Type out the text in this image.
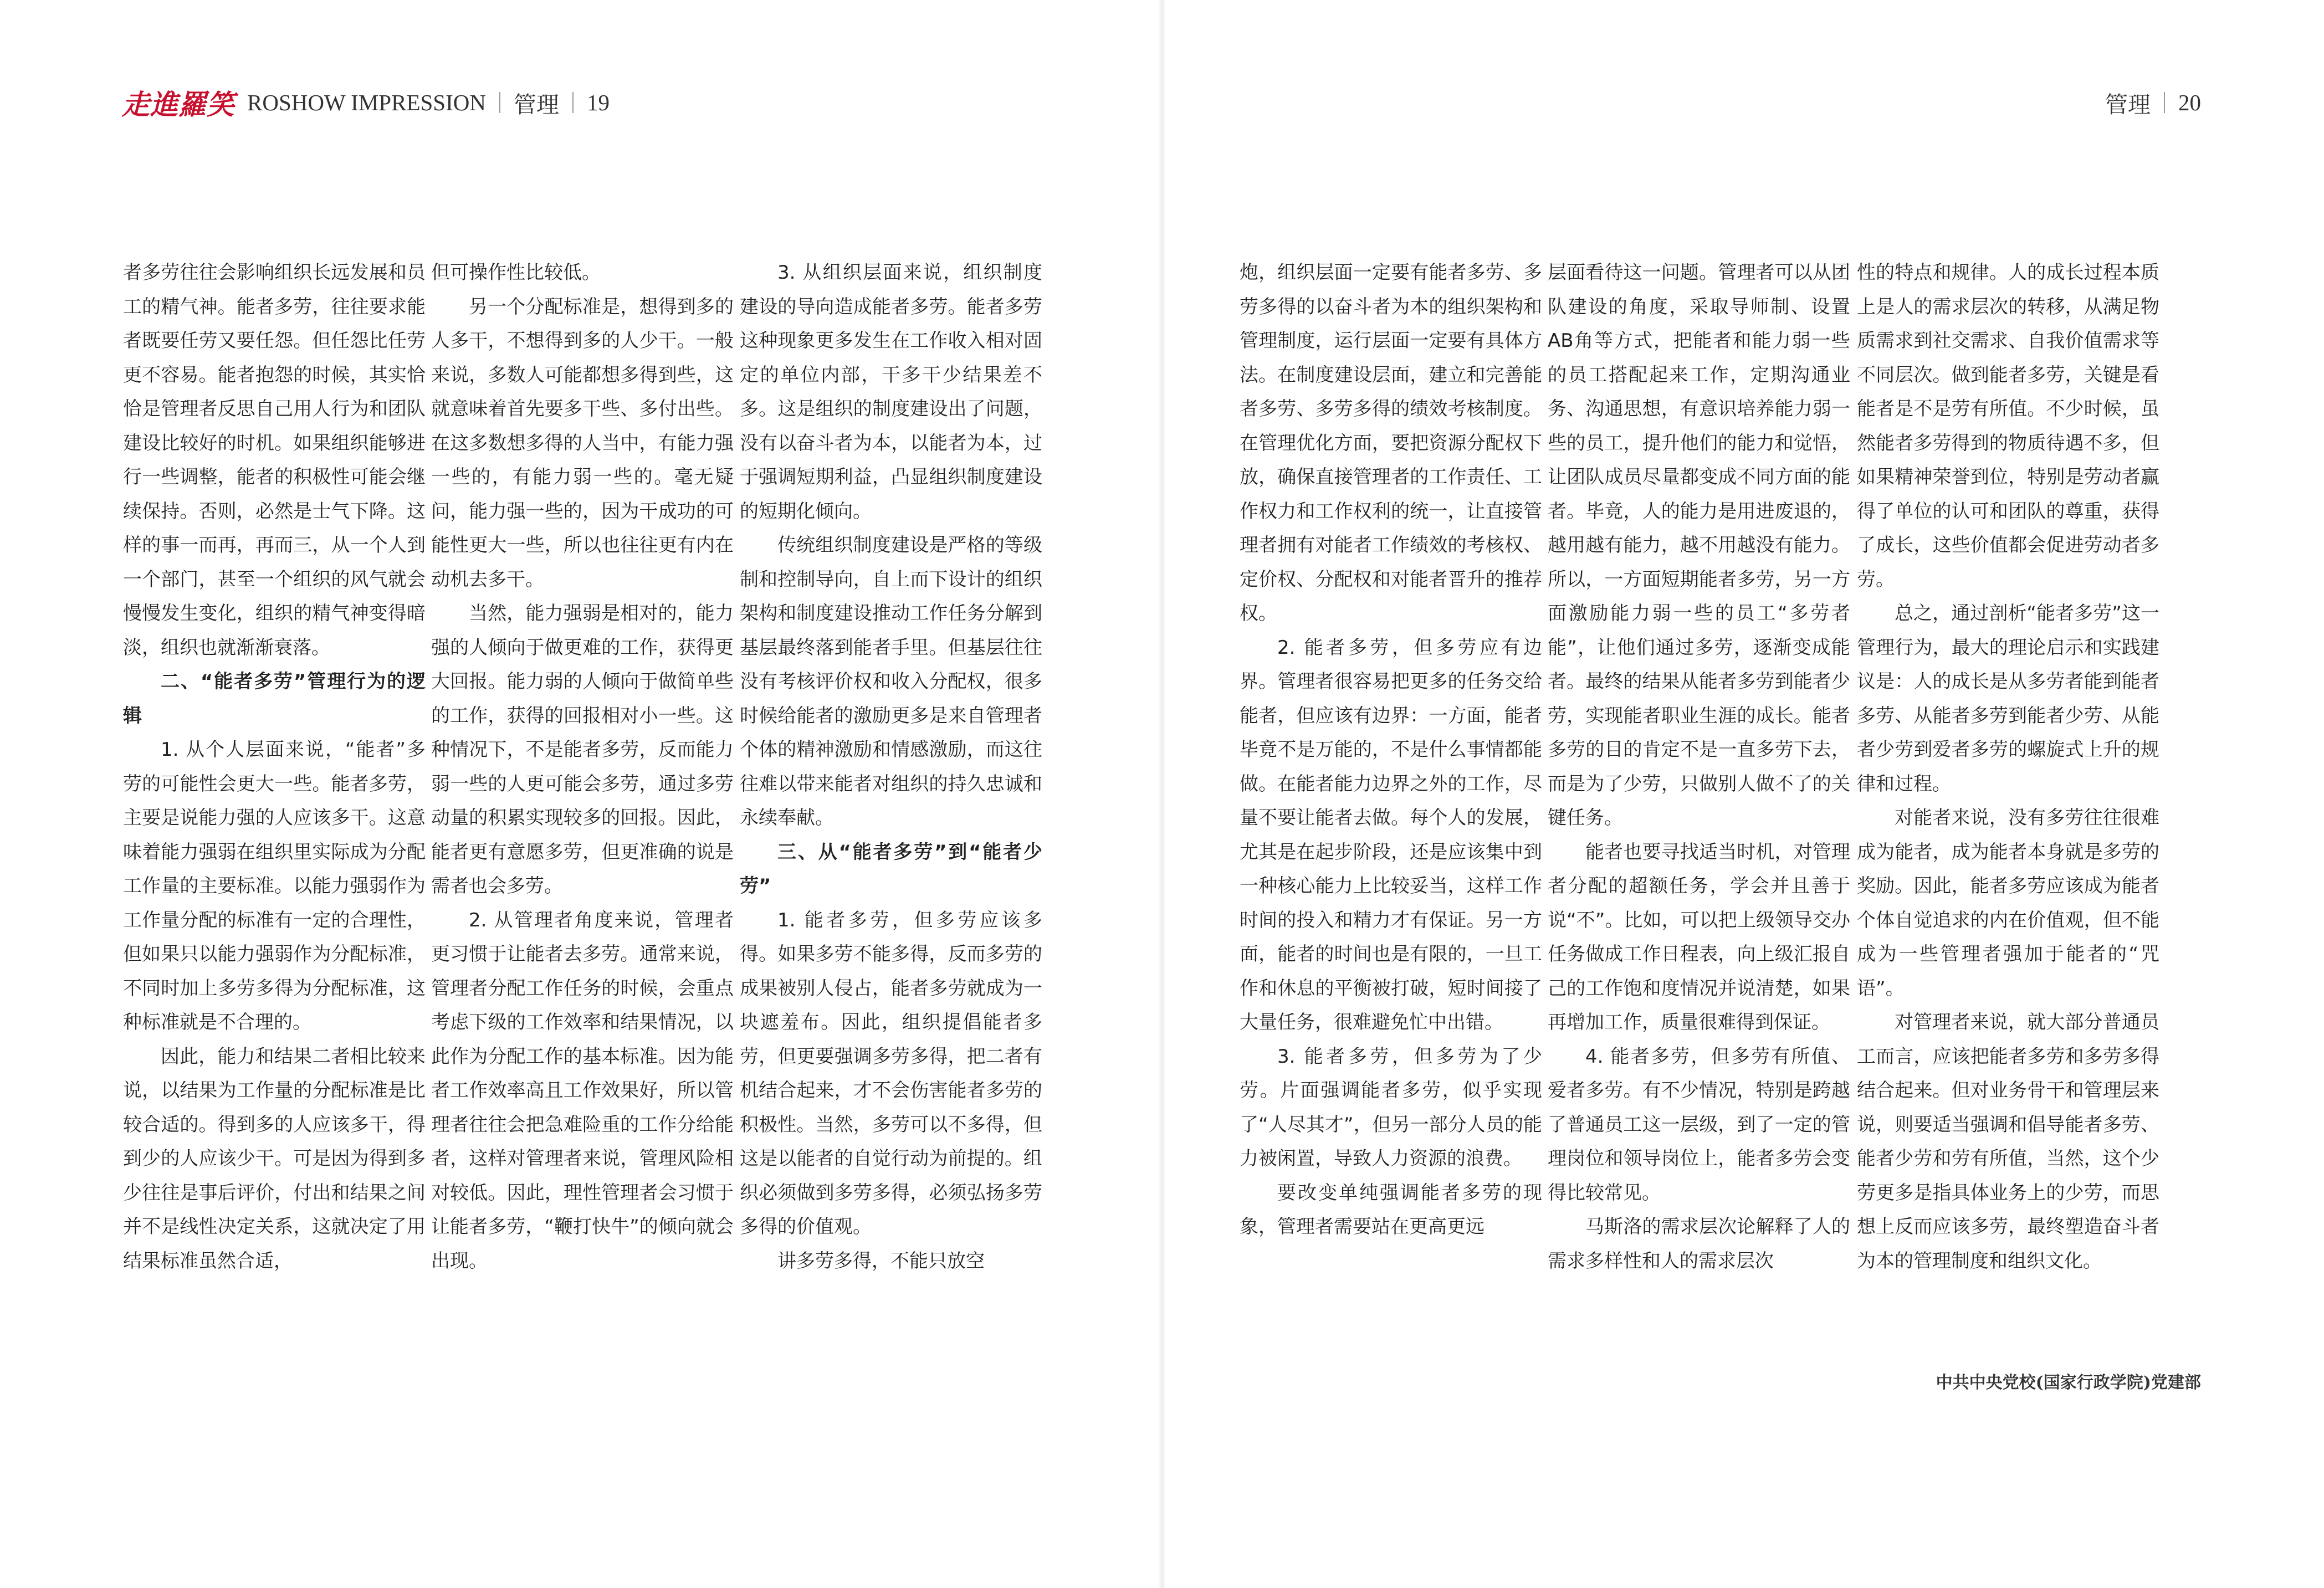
走進羅笑 ROSHOW IMPRESSION 管理 19

者多劳往往会影响组织长远发展和员工的精气神。能者多劳，往往要求能者既要任劳又要任怨。但任怨比任劳更不容易。能者抱怨的时候，其实恰恰是管理者反思自己用人行为和团队建设比较好的时机。如果组织能够进行一些调整，能者的积极性可能会继续保持。否则，必然是士气下降。这样的事一而再，再而三，从一个人到一个部门，甚至一个组织的风气就会慢慢发生变化，组织的精气神变得暗淡，组织也就渐渐衰落。

二、“能者多劳”管理行为的逻辑

1. 从个人层面来说，“能者”多劳的可能性会更大一些。能者多劳，主要是说能力强的人应该多干。这意味着能力强弱在组织里实际成为分配工作量的主要标准。以能力强弱作为工作量分配的标准有一定的合理性，但如果只以能力强弱作为分配标准，不同时加上多劳多得为分配标准，这种标准就是不合理的。

因此，能力和结果二者相比较来说，以结果为工作量的分配标准是比较合适的。得到多的人应该多干，得到少的人应该少干。可是因为得到多少往往是事后评价，付出和结果之间并不是线性决定关系，这就决定了用结果标准虽然合适，

但可操作性比较低。

另一个分配标准是，想得到多的人多干，不想得到多的人少干。一般来说，多数人可能都想多得到些，这就意味着首先要多干些、多付出些。在这多数想多得的人当中，有能力强一些的，有能力弱一些的。毫无疑问，能力强一些的，因为干成功的可能性更大一些，所以也往往更有内在动机去多干。

当然，能力强弱是相对的，能力强的人倾向于做更难的工作，获得更大回报。能力弱的人倾向于做简单些的工作，获得的回报相对小一些。这种情况下，不是能者多劳，反而能力弱一些的人更可能会多劳，通过多劳动量的积累实现较多的回报。因此，能者更有意愿多劳，但更准确的说是需者也会多劳。

2. 从管理者角度来说，管理者更习惯于让能者去多劳。通常来说，管理者分配工作任务的时候，会重点考虑下级的工作效率和结果情况，以此作为分配工作的基本标准。因为能者工作效率高且工作效果好，所以管理者往往会把急难险重的工作分给能者，这样对管理者来说，管理风险相对较低。因此，理性管理者会习惯于让能者多劳，“鞭打快牛”的倾向就会出现。

3. 从组织层面来说，组织制度建设的导向造成能者多劳。能者多劳这种现象更多发生在工作收入相对固定的单位内部，干多干少结果差不多。这是组织的制度建设出了问题，没有以奋斗者为本，以能者为本，过于强调短期利益，凸显组织制度建设的短期化倾向。

传统组织制度建设是严格的等级制和控制导向，自上而下设计的组织架构和制度建设推动工作任务分解到基层最终落到能者手里。但基层往往没有考核评价权和收入分配权，很多时候给能者的激励更多是来自管理者个体的精神激励和情感激励，而这往往难以带来能者对组织的持久忠诚和永续奉献。

三、从“能者多劳”到“能者少劳”

1. 能者多劳，但多劳应该多得。如果多劳不能多得，反而多劳的成果被别人侵占，能者多劳就成为一块遮羞布。因此，组织提倡能者多劳，但更要强调多劳多得，把二者有机结合起来，才不会伤害能者多劳的积极性。当然，多劳可以不多得，但这是以能者的自觉行动为前提的。组织必须做到多劳多得，必须弘扬多劳多得的价值观。

讲多劳多得，不能只放空

管理 20

炮，组织层面一定要有能者多劳、多劳多得的以奋斗者为本的组织架构和管理制度，运行层面一定要有具体方法。在制度建设层面，建立和完善能者多劳、多劳多得的绩效考核制度。在管理优化方面，要把资源分配权下放，确保直接管理者的工作责任、工作权力和工作权利的统一，让直接管理者拥有对能者工作绩效的考核权、定价权、分配权和对能者晋升的推荐权。

2. 能者多劳，但多劳应有边界。管理者很容易把更多的任务交给能者，但应该有边界：一方面，能者毕竟不是万能的，不是什么事情都能做。在能者能力边界之外的工作，尽量不要让能者去做。每个人的发展，尤其是在起步阶段，还是应该集中到一种核心能力上比较妥当，这样工作时间的投入和精力才有保证。另一方面，能者的时间也是有限的，一旦工作和休息的平衡被打破，短时间接了大量任务，很难避免忙中出错。

3. 能者多劳，但多劳为了少劳。片面强调能者多劳，似乎实现了“人尽其才”，但另一部分人员的能力被闲置，导致人力资源的浪费。

要改变单纯强调能者多劳的现象，管理者需要站在更高更远

层面看待这一问题。管理者可以从团队建设的角度，采取导师制、设置AB角等方式，把能者和能力弱一些的员工搭配起来工作，定期沟通业务、沟通思想，有意识培养能力弱一些的员工，提升他们的能力和觉悟，让团队成员尽量都变成不同方面的能者。毕竟，人的能力是用进废退的，越用越有能力，越不用越没有能力。所以，一方面短期能者多劳，另一方面激励能力弱一些的员工“多劳者能”，让他们通过多劳，逐渐变成能者。最终的结果从能者多劳到能者少劳，实现能者职业生涯的成长。能者多劳的目的肯定不是一直多劳下去，而是为了少劳，只做别人做不了的关键任务。

能者也要寻找适当时机，对管理者分配的超额任务，学会并且善于说“不”。比如，可以把上级领导交办任务做成工作日程表，向上级汇报自己的工作饱和度情况并说清楚，如果再增加工作，质量很难得到保证。

4. 能者多劳，但多劳有所值、爱者多劳。有不少情况，特别是跨越了普通员工这一层级，到了一定的管理岗位和领导岗位上，能者多劳会变得比较常见。

马斯洛的需求层次论解释了人的需求多样性和人的需求层次

性的特点和规律。人的成长过程本质上是人的需求层次的转移，从满足物质需求到社交需求、自我价值需求等不同层次。做到能者多劳，关键是看能者是不是劳有所值。不少时候，虽然能者多劳得到的物质待遇不多，但如果精神荣誉到位，特别是劳动者赢得了单位的认可和团队的尊重，获得了成长，这些价值都会促进劳动者多劳。

总之，通过剖析“能者多劳”这一管理行为，最大的理论启示和实践建议是：人的成长是从多劳者能到能者多劳、从能者多劳到能者少劳、从能者少劳到爱者多劳的螺旋式上升的规律和过程。

对能者来说，没有多劳往往很难成为能者，成为能者本身就是多劳的奖励。因此，能者多劳应该成为能者个体自觉追求的内在价值观，但不能成为一些管理者强加于能者的“咒语”。

对管理者来说，就大部分普通员工而言，应该把能者多劳和多劳多得结合起来。但对业务骨干和管理层来说，则要适当强调和倡导能者多劳、能者少劳和劳有所值，当然，这个少劳更多是指具体业务上的少劳，而思想上反而应该多劳，最终塑造奋斗者为本的管理制度和组织文化。

中共中央党校(国家行政学院)党建部
